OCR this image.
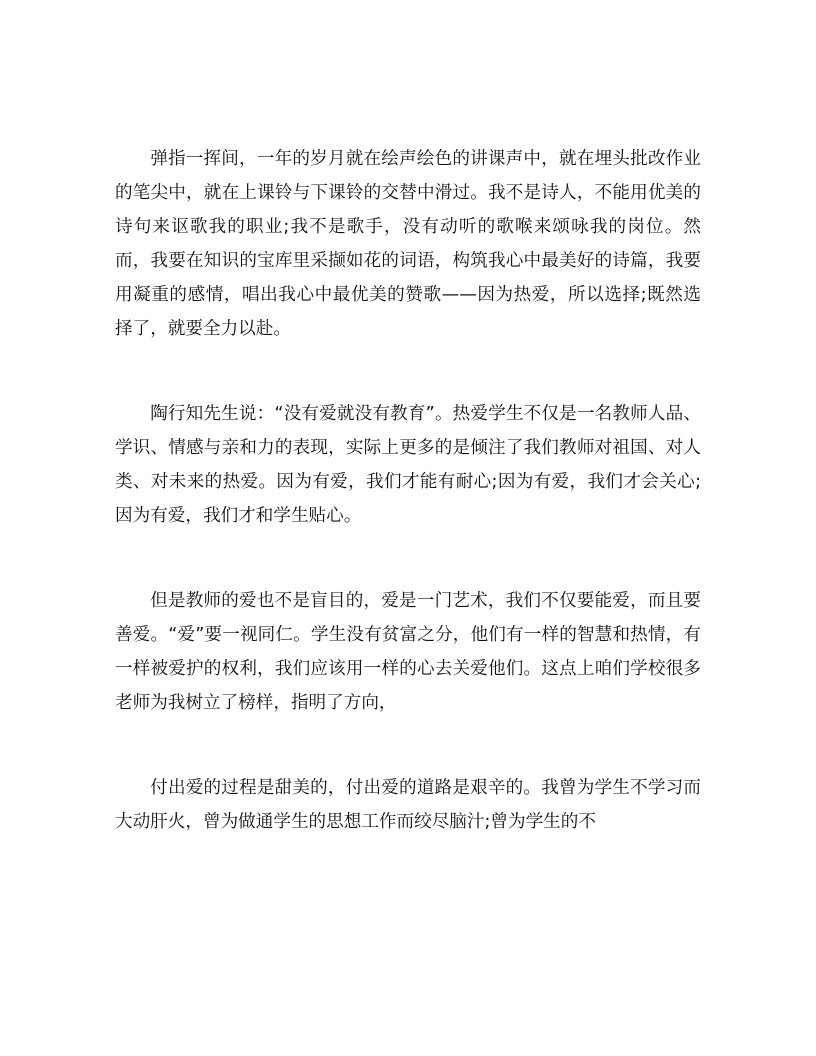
弹指一挥间，一年的岁月就在绘声绘色的讲课声中，就在埋头批改作业的笔尖中，就在上课铃与下课铃的交替中滑过。我不是诗人，不能用优美的诗句来讴歌我的职业;我不是歌手，没有动听的歌喉来颂咏我的岗位。然而，我要在知识的宝库里采撷如花的词语，构筑我心中最美好的诗篇，我要用凝重的感情，唱出我心中最优美的赞歌——因为热爱，所以选择;既然选择了，就要全力以赴。

陶行知先生说：“没有爱就没有教育”。热爱学生不仅是一名教师人品、学识、情感与亲和力的表现，实际上更多的是倾注了我们教师对祖国、对人类、对未来的热爱。因为有爱，我们才能有耐心;因为有爱，我们才会关心;因为有爱，我们才和学生贴心。

但是教师的爱也不是盲目的，爱是一门艺术，我们不仅要能爱，而且要善爱。“爱”要一视同仁。学生没有贫富之分，他们有一样的智慧和热情，有一样被爱护的权利，我们应该用一样的心去关爱他们。这点上咱们学校很多老师为我树立了榜样，指明了方向，

付出爱的过程是甜美的，付出爱的道路是艰辛的。我曾为学生不学习而大动肝火，曾为做通学生的思想工作而绞尽脑汁;曾为学生的不
